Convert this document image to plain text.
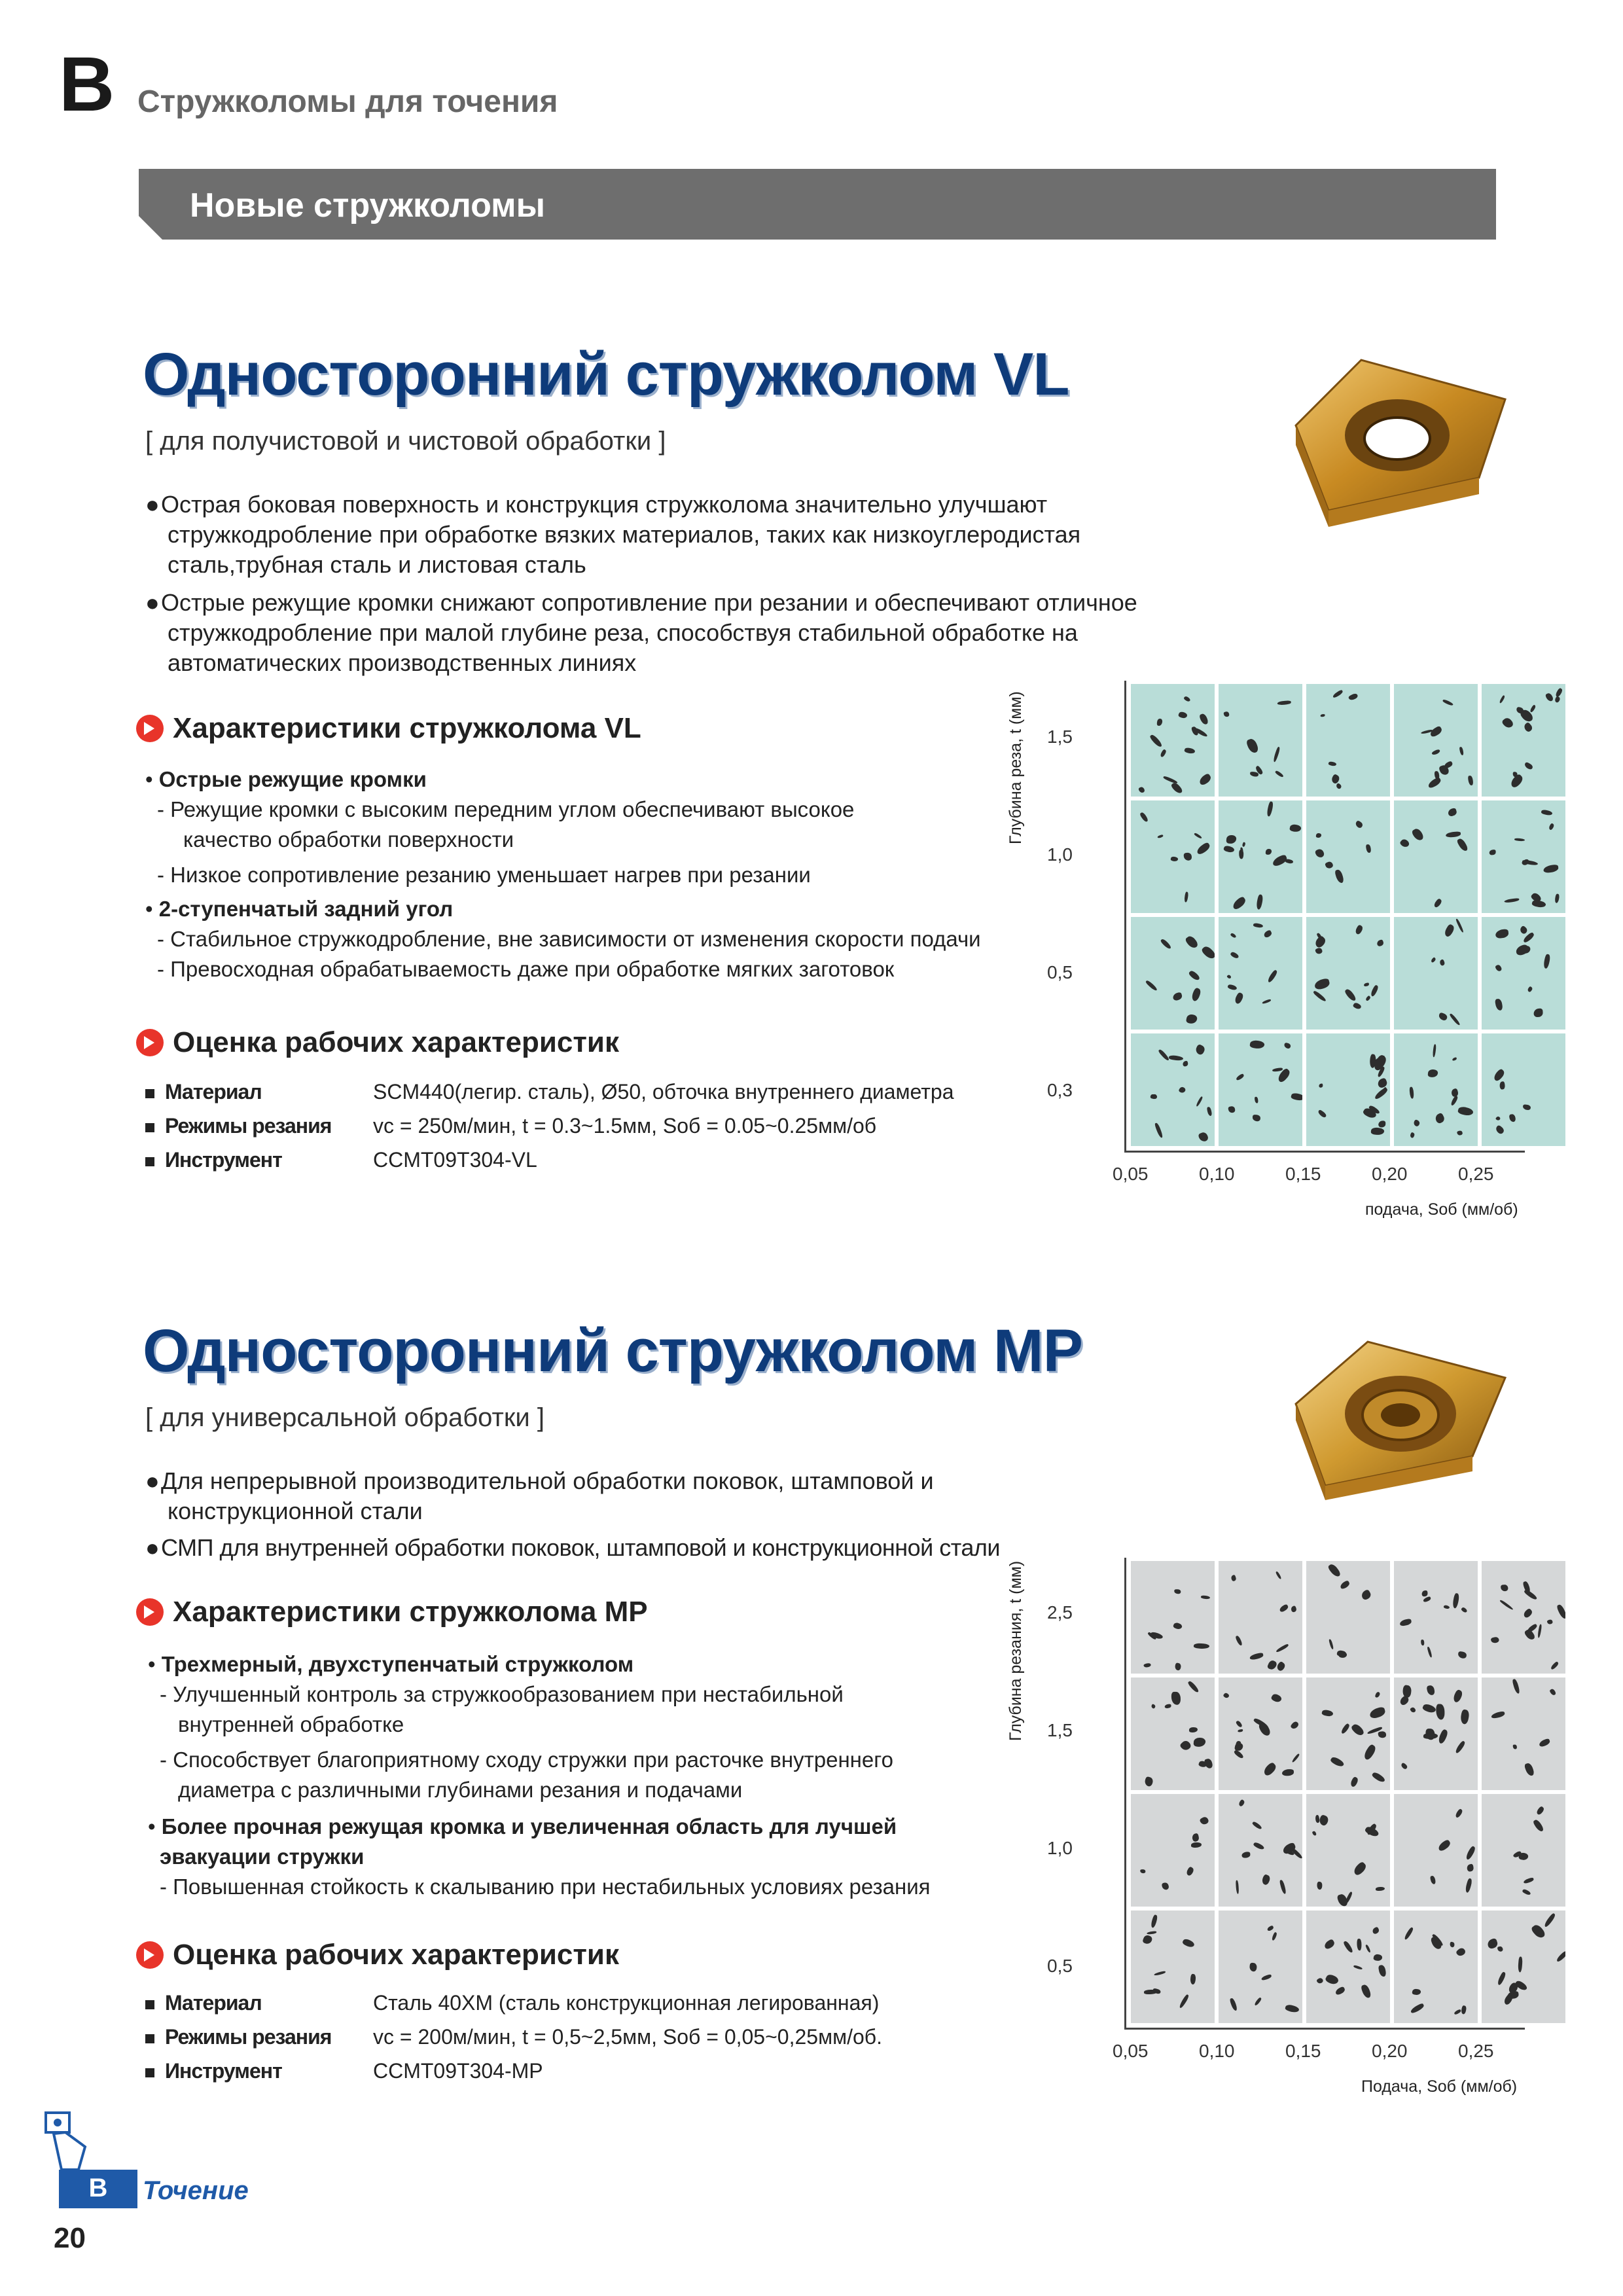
B Стружколомы для точения
Новые стружколомы
Односторонний стружколом VL
[ для получистовой и чистовой обработки ]
●Острая боковая поверхность и конструкция стружколома значительно улучшают
стружкодробление при обработке вязких материалов, таких как низкоуглеродистая
сталь,трубная сталь и листовая сталь
●Острые режущие кромки снижают сопротивление при резании и обеспечивают отличное
стружкодробление при малой глубине реза, способствуя стабильной обработке на
автоматических производственных линиях
Характеристики стружколома VL
• Острые режущие кромки
- Режущие кромки с высоким передним углом обеспечивают высокое
качество обработки поверхности
- Низкое сопротивление резанию уменьшает нагрев при резании
• 2-ступенчатый задний угол
- Стабильное стружкодробление, вне зависимости от изменения скорости подачи
- Превосходная обрабатываемость даже при обработке мягких заготовок
Оценка рабочих характеристик
Материал	SCM440(легир. сталь), Ø50, обточка внутреннего диаметра
Режимы резания vc = 250м/мин, t = 0.3~1.5мм, Sоб = 0.05~0.25мм/об
Инструмент	CCMT09T304-VL
Глубина реза, t (мм) 1,5
1,0
0,5
0,3
0,05	0,10	0,15	0,20	0,25
подача, Sоб (мм/об)
Односторонний стружколом MP
[ для универсальной обработки ]
●Для непрерывной производительной обработки поковок, штамповой и
конструкционной стали
●СМП для внутренней обработки поковок, штамповой и конструкционной стали
Характеристики стружколома MP
• Трехмерный, двухступенчатый стружколом
- Улучшенный контроль за стружкообразованием при нестабильной
внутренней обработке
- Способствует благоприятному сходу стружки при расточке внутреннего
диаметра с различными глубинами резания и подачами
• Более прочная режущая кромка и увеличенная область для лучшей
эвакуации стружки
- Повышенная стойкость к скалыванию при нестабильных условиях резания
Оценка рабочих характеристик
Материал	Сталь 40ХМ (сталь конструкционная легированная)
Режимы резания vc = 200м/мин, t = 0,5~2,5мм, Sоб = 0,05~0,25мм/об.
Инструмент	CCMT09T304-MP
Глубина резания, t (мм) 2,5
1,5
1,0
0,5
0,05	0,10	0,15	0,20	0,25
Подача, Sоб (мм/об)
B	Точение
20
